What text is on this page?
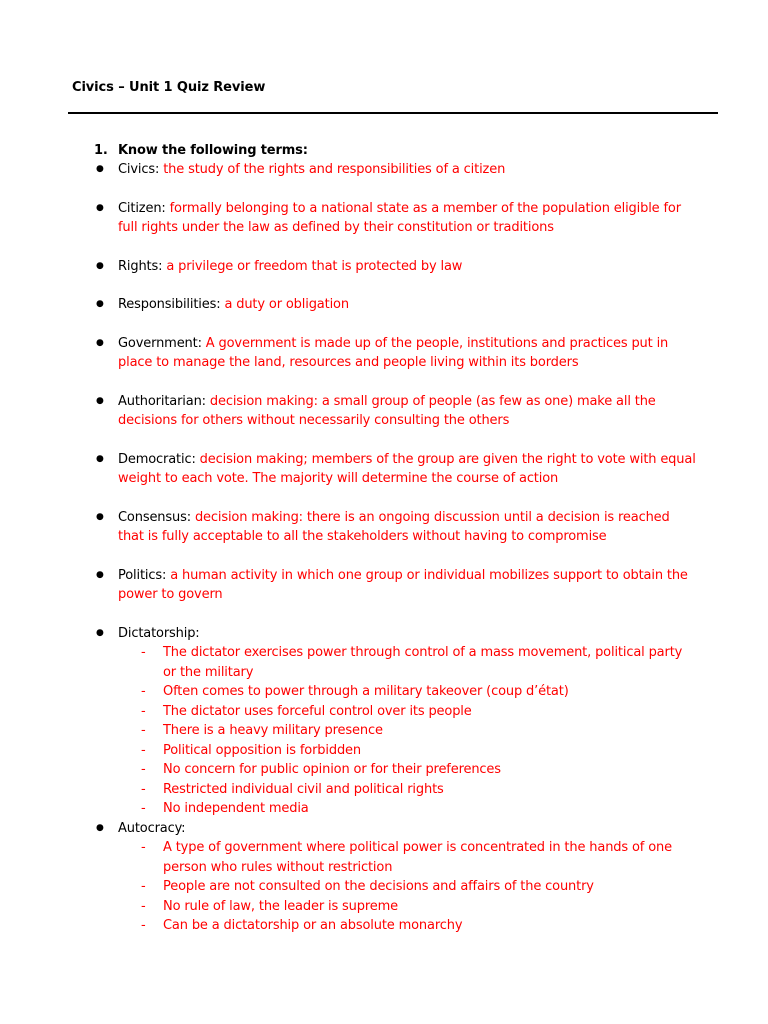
Civics – Unit 1 Quiz Review
1. Know the following terms:
● Civics: the study of the rights and responsibilities of a citizen
● Citizen: formally belonging to a national state as a member of the population eligible for full rights under the law as defined by their constitution or traditions
● Rights: a privilege or freedom that is protected by law
● Responsibilities: a duty or obligation
● Government: A government is made up of the people, institutions and practices put in place to manage the land, resources and people living within its borders
● Authoritarian: decision making: a small group of people (as few as one) make all the decisions for others without necessarily consulting the others
● Democratic: decision making; members of the group are given the right to vote with equal weight to each vote. The majority will determine the course of action
● Consensus: decision making: there is an ongoing discussion until a decision is reached that is fully acceptable to all the stakeholders without having to compromise
● Politics: a human activity in which one group or individual mobilizes support to obtain the power to govern
● Dictatorship:
- The dictator exercises power through control of a mass movement, political party or the military
- Often comes to power through a military takeover (coup d’état)
- The dictator uses forceful control over its people
- There is a heavy military presence
- Political opposition is forbidden
- No concern for public opinion or for their preferences
- Restricted individual civil and political rights
- No independent media
● Autocracy:
- A type of government where political power is concentrated in the hands of one person who rules without restriction
- People are not consulted on the decisions and affairs of the country
- No rule of law, the leader is supreme
- Can be a dictatorship or an absolute monarchy
